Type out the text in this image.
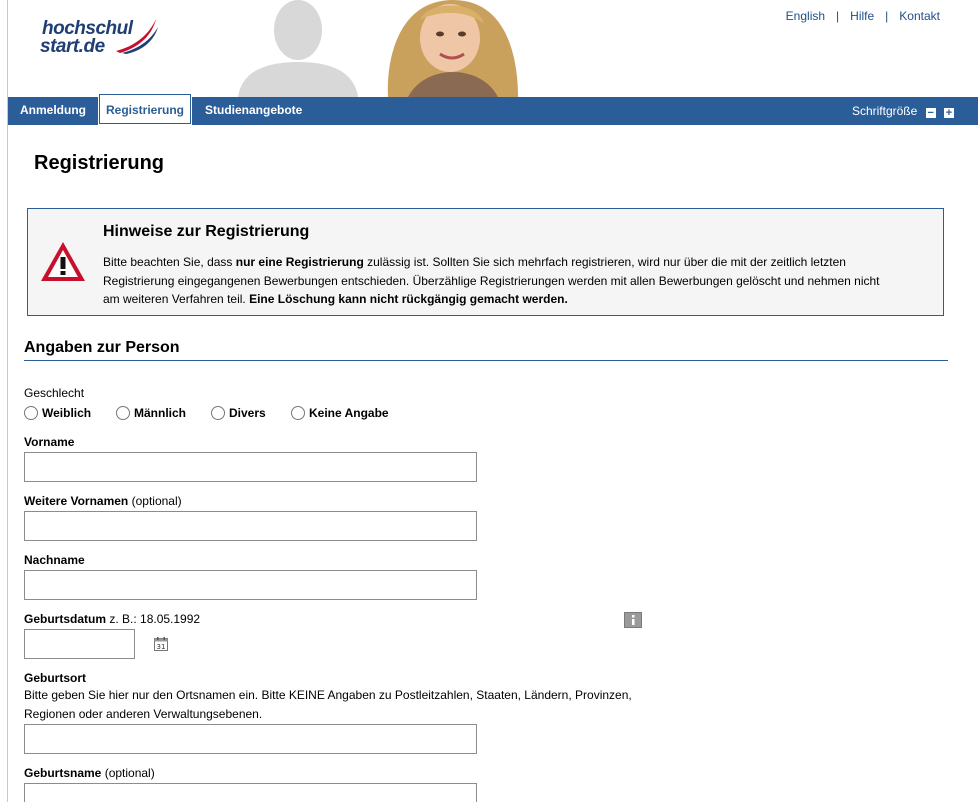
hochschul
start.de
English | Hilfe | Kontakt
Anmeldung	Registrierung	Studienangebote	Schriftgröße − +
Registrierung
Hinweise zur Registrierung

Bitte beachten Sie, dass nur eine Registrierung zulässig ist. Sollten Sie sich mehrfach registrieren, wird nur über die mit der zeitlich letzten Registrierung eingegangenen Bewerbungen entschieden. Überzählige Registrierungen werden mit allen Bewerbungen gelöscht und nehmen nicht am weiteren Verfahren teil. Eine Löschung kann nicht rückgängig gemacht werden.

Angaben zur Person
Geschlecht
Weiblich	Männlich	Divers	Keine Angabe
Vorname
Weitere Vornamen (optional)
Nachname
Geburtsdatum z. B.: 18.05.1992
31
Geburtsort
Bitte geben Sie hier nur den Ortsnamen ein. Bitte KEINE Angaben zu Postleitzahlen, Staaten, Ländern, Provinzen, Regionen oder anderen Verwaltungsebenen.
Geburtsname (optional)
